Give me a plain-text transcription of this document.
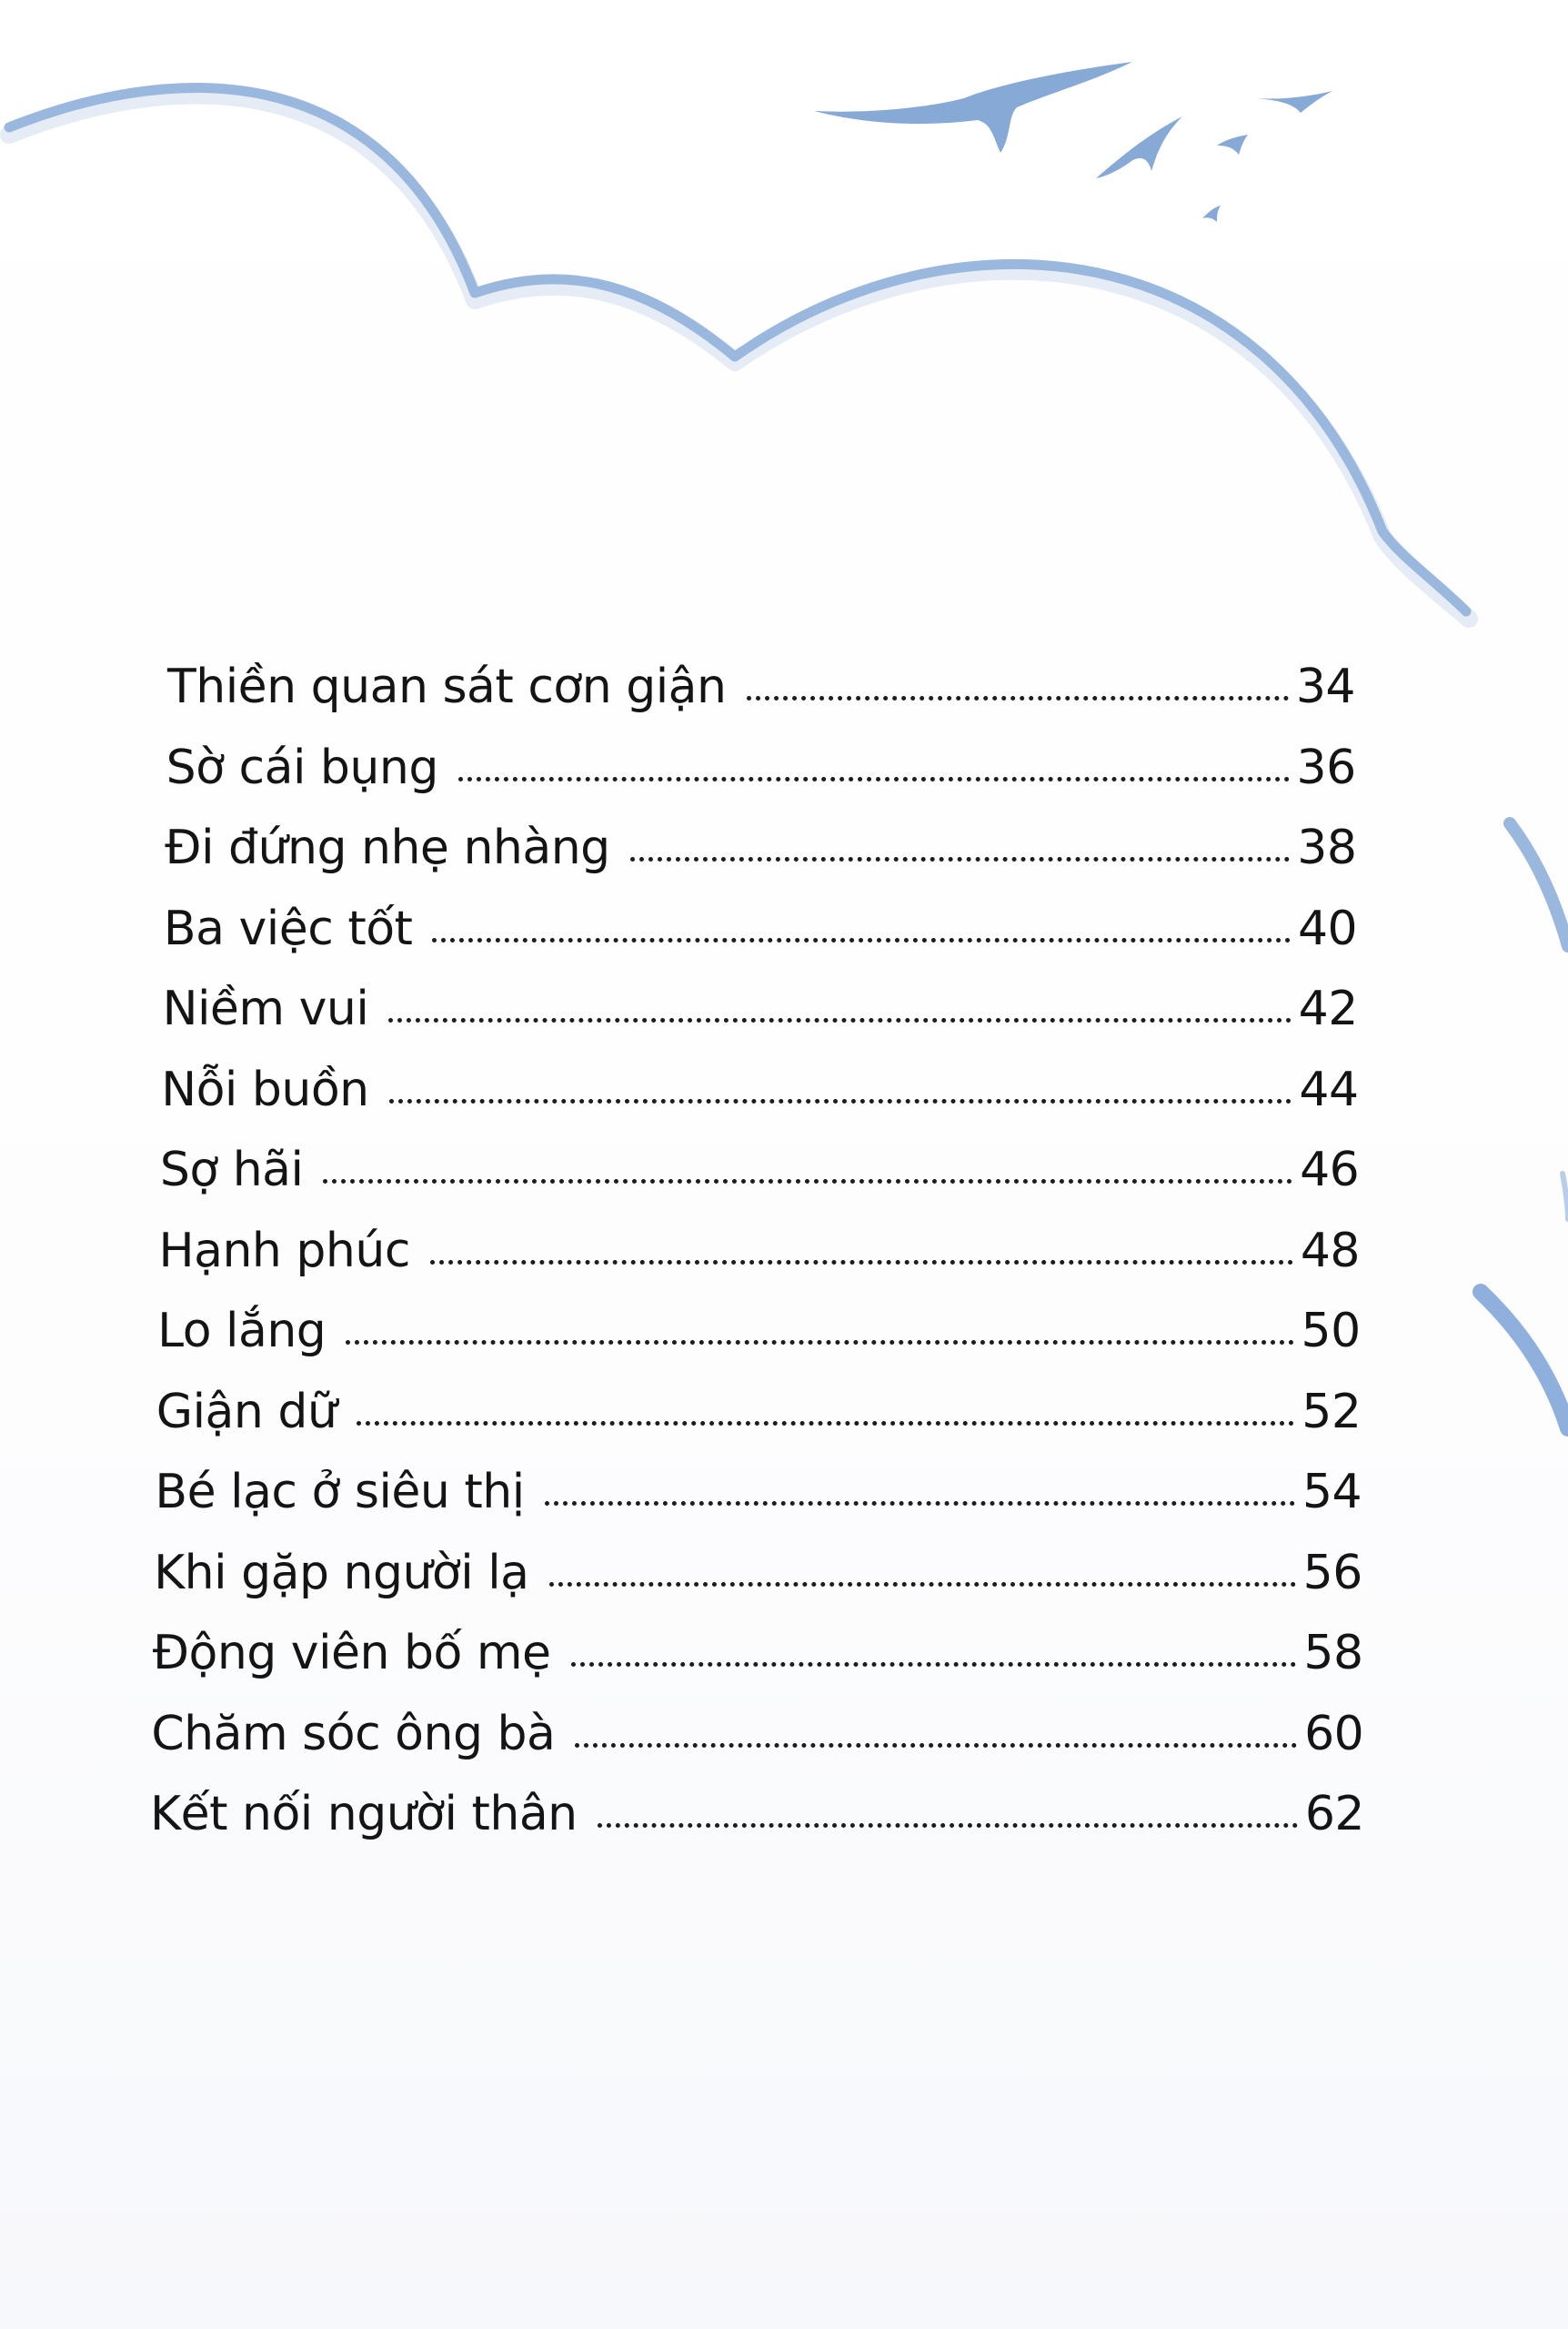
Thiền quan sát cơn giận	34
Sờ cái bụng	36
Đi đứng nhẹ nhàng	38
Ba việc tốt	40
Niềm vui	42
Nỗi buồn	44
Sợ hãi	46
Hạnh phúc	48
Lo lắng	50
Giận dữ	52
Bé lạc ở siêu thị	54
Khi gặp người lạ	56
Động viên bố mẹ	58
Chăm sóc ông bà	60
Kết nối người thân	62
